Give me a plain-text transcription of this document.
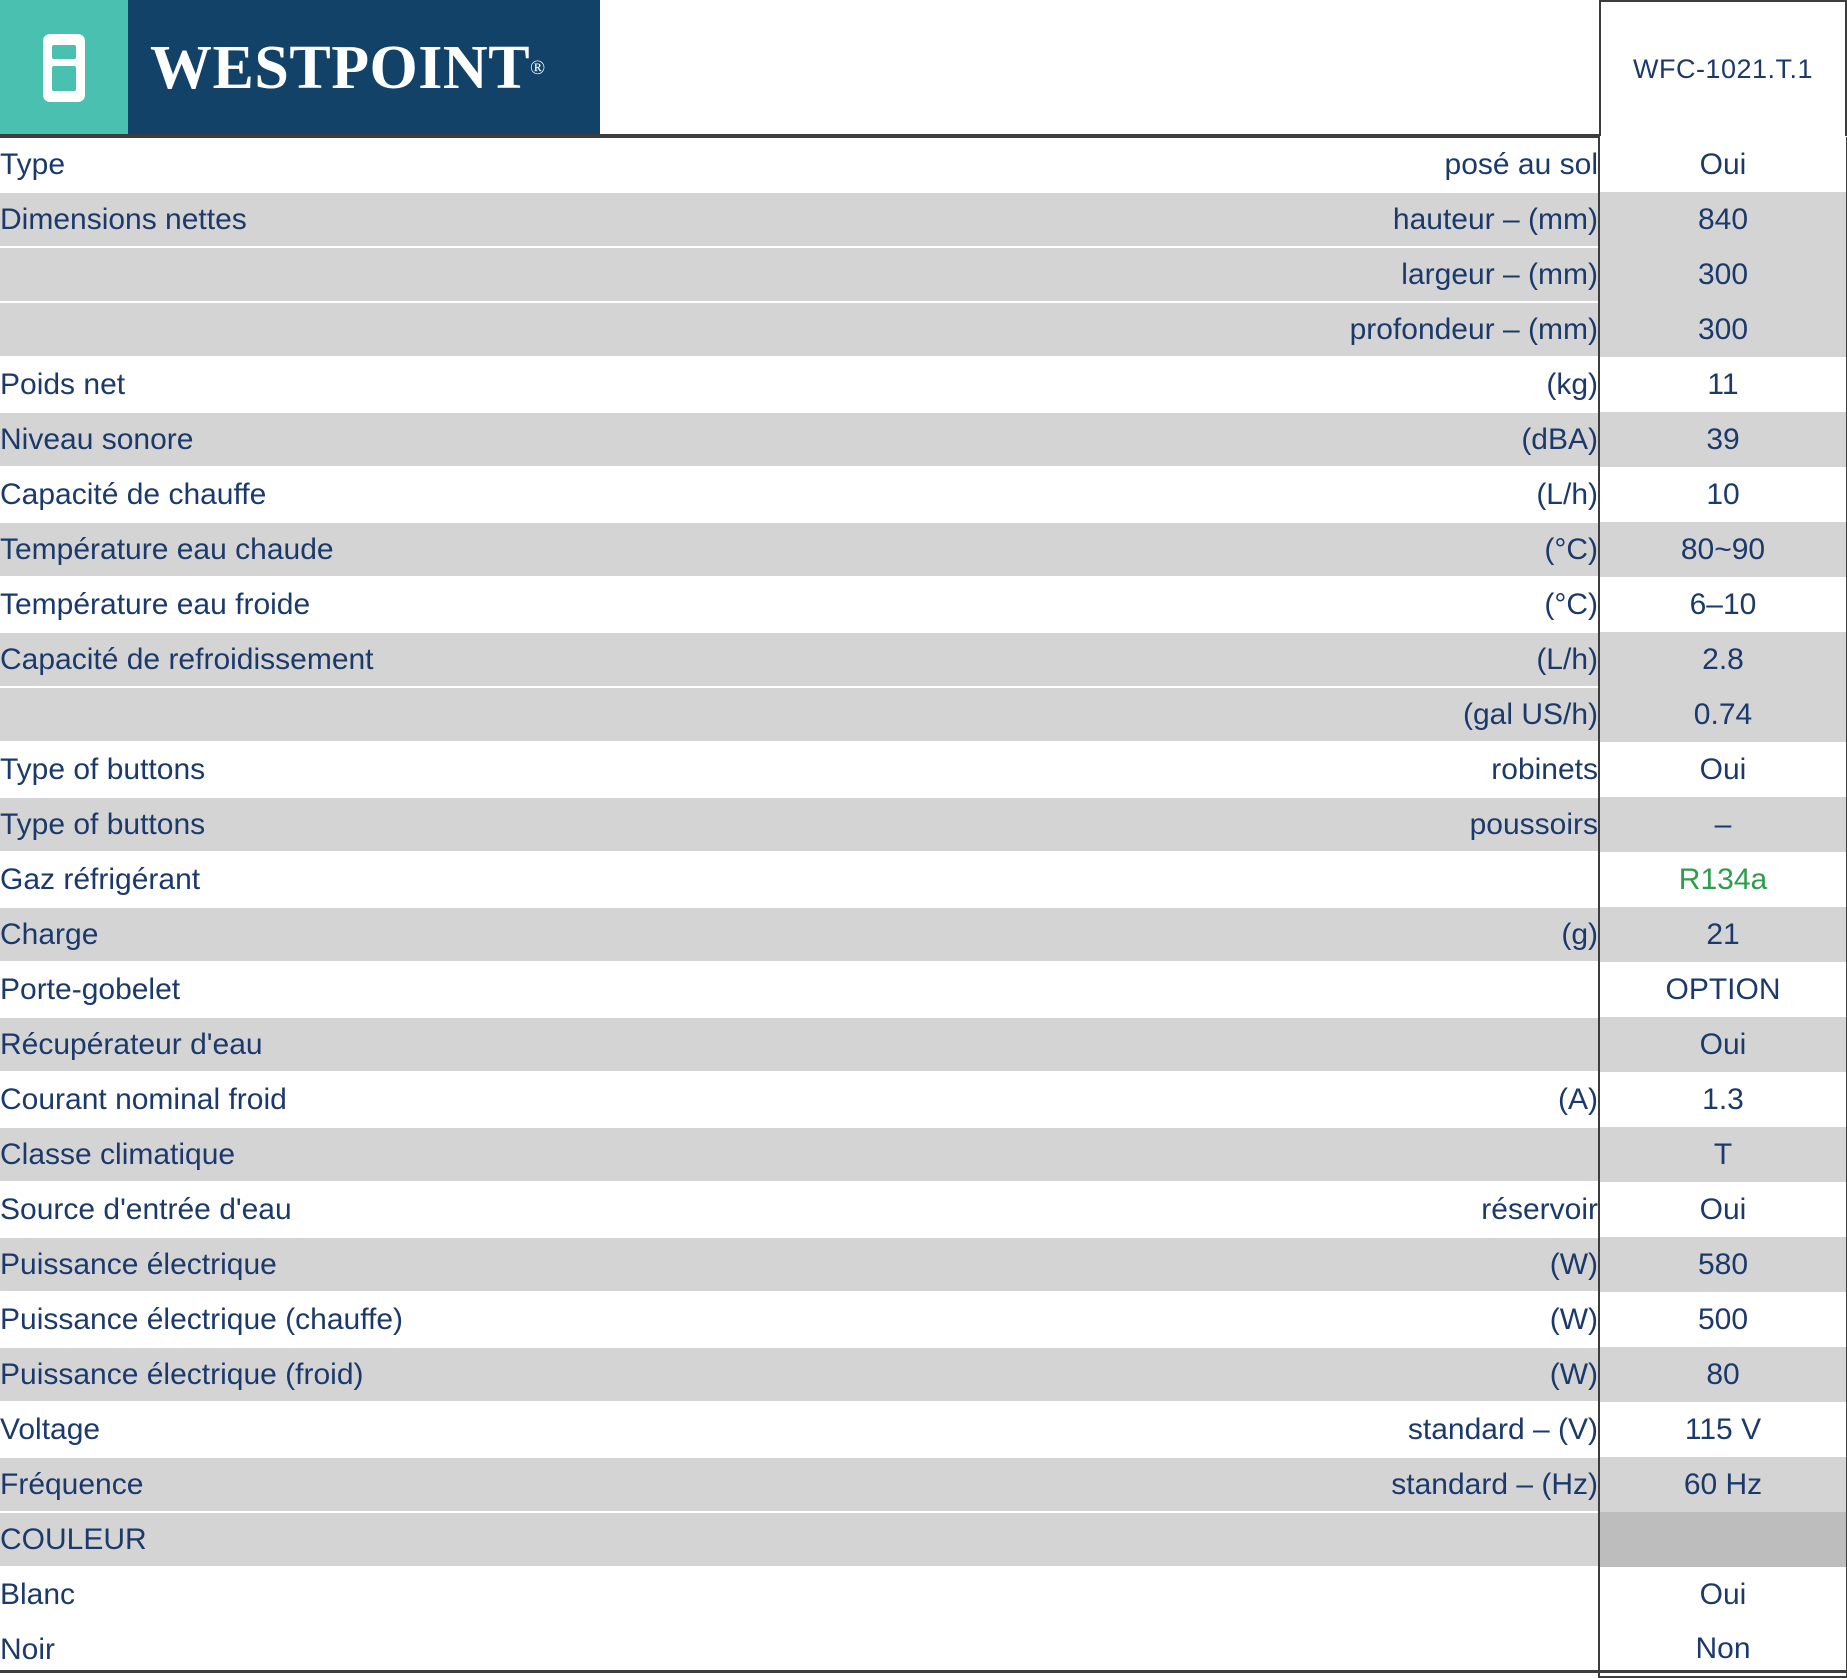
WESTPOINT ®	WFC-1021.T.1
Type	posé au sol	Oui
Dimensions nettes	hauteur – (mm)	840
	largeur – (mm)	300
	profondeur – (mm)	300
Poids net	(kg)	11
Niveau sonore	(dBA)	39
Capacité de chauffe	(L/h)	10
Température eau chaude	(°C)	80~90
Température eau froide	(°C)	6–10
Capacité de refroidissement	(L/h)	2.8
	(gal US/h)	0.74
Type of buttons	robinets	Oui
Type of buttons	poussoirs	–
Gaz réfrigérant		R134a
Charge	(g)	21
Porte-gobelet		OPTION
Récupérateur d'eau		Oui
Courant nominal froid	(A)	1.3
Classe climatique		T
Source d'entrée d'eau	réservoir	Oui
Puissance électrique	(W)	580
Puissance électrique (chauffe)	(W)	500
Puissance électrique (froid)	(W)	80
Voltage	standard – (V)	115 V
Fréquence	standard – (Hz)	60 Hz
COULEUR		
Blanc		Oui
Noir		Non
